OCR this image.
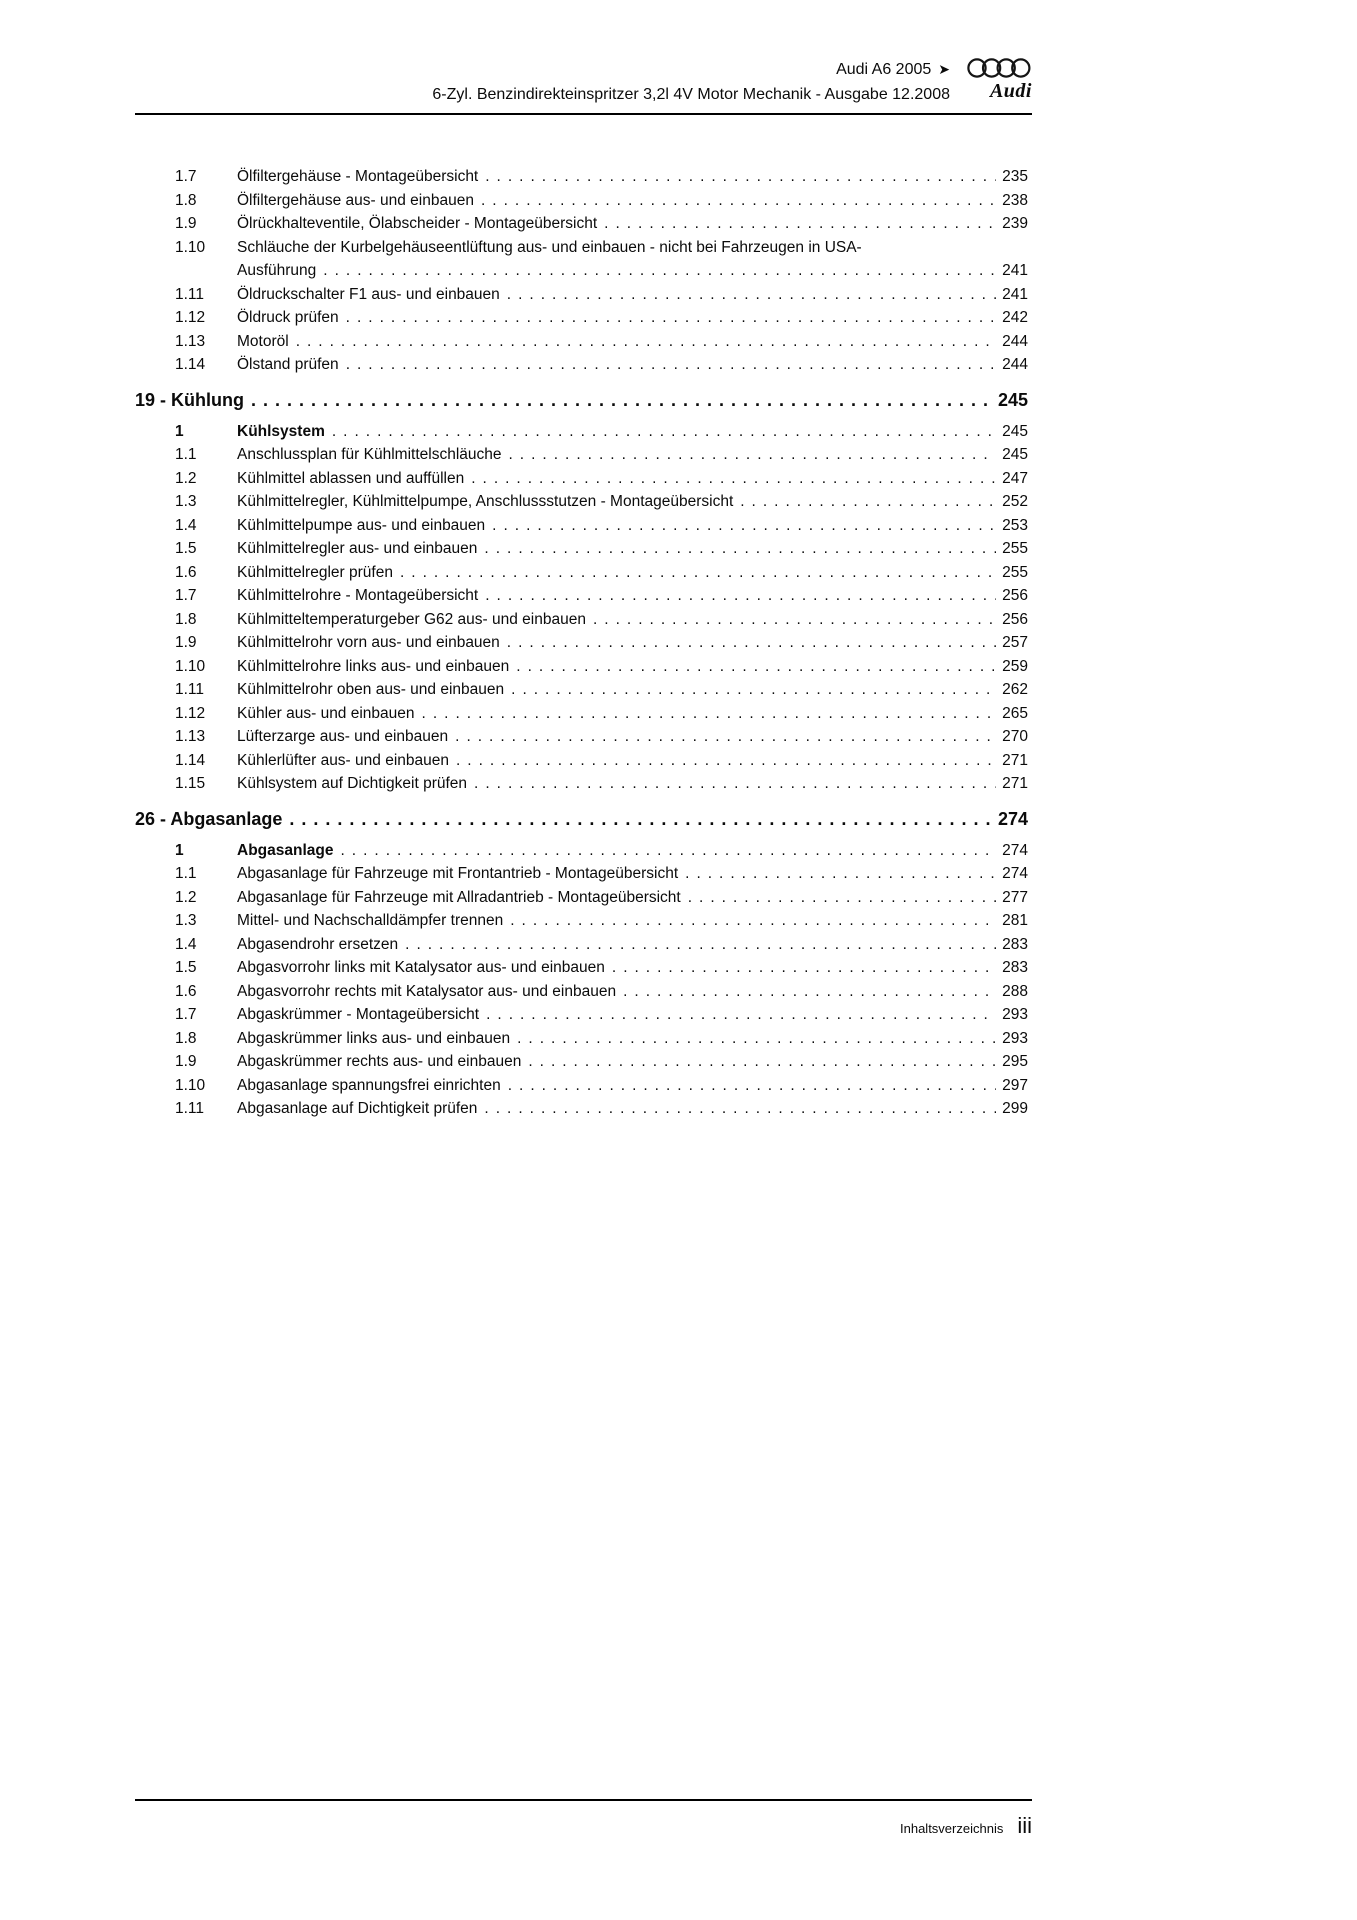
Audi A6 2005 ➤
6-Zyl. Benzindirekteinspritzer 3,2l 4V Motor Mechanik - Ausgabe 12.2008 Audi
1.7	Ölfiltergehäuse - Montageübersicht .....	235
1.8	Ölfiltergehäuse aus- und einbauen .....	238
1.9	Ölrückhalteventile, Ölabscheider - Montageübersicht .....	239
1.10	Schläuche der Kurbelgehäuseentlüftung aus- und einbauen - nicht bei Fahrzeugen in USA-
Ausführung .....	241
1.11	Öldruckschalter F1 aus- und einbauen .....	241
1.12	Öldruck prüfen .....	242
1.13	Motoröl .....	244
1.14	Ölstand prüfen .....	244
19 - Kühlung .....	245
1	Kühlsystem .....	245
1.1	Anschlussplan für Kühlmittelschläuche .....	245
1.2	Kühlmittel ablassen und auffüllen .....	247
1.3	Kühlmittelregler, Kühlmittelpumpe, Anschlussstutzen - Montageübersicht .....	252
1.4	Kühlmittelpumpe aus- und einbauen .....	253
1.5	Kühlmittelregler aus- und einbauen .....	255
1.6	Kühlmittelregler prüfen .....	255
1.7	Kühlmittelrohre - Montageübersicht .....	256
1.8	Kühlmitteltemperaturgeber G62 aus- und einbauen .....	256
1.9	Kühlmittelrohr vorn aus- und einbauen .....	257
1.10	Kühlmittelrohre links aus- und einbauen .....	259
1.11	Kühlmittelrohr oben aus- und einbauen .....	262
1.12	Kühler aus- und einbauen .....	265
1.13	Lüfterzarge aus- und einbauen .....	270
1.14	Kühlerlüfter aus- und einbauen .....	271
1.15	Kühlsystem auf Dichtigkeit prüfen .....	271
26 - Abgasanlage .....	274
1	Abgasanlage .....	274
1.1	Abgasanlage für Fahrzeuge mit Frontantrieb - Montageübersicht .....	274
1.2	Abgasanlage für Fahrzeuge mit Allradantrieb - Montageübersicht .....	277
1.3	Mittel- und Nachschalldämpfer trennen .....	281
1.4	Abgasendrohr ersetzen .....	283
1.5	Abgasvorrohr links mit Katalysator aus- und einbauen .....	283
1.6	Abgasvorrohr rechts mit Katalysator aus- und einbauen .....	288
1.7	Abgaskrümmer - Montageübersicht .....	293
1.8	Abgaskrümmer links aus- und einbauen .....	293
1.9	Abgaskrümmer rechts aus- und einbauen .....	295
1.10	Abgasanlage spannungsfrei einrichten .....	297
1.11	Abgasanlage auf Dichtigkeit prüfen .....	299
Inhaltsverzeichnis iii
